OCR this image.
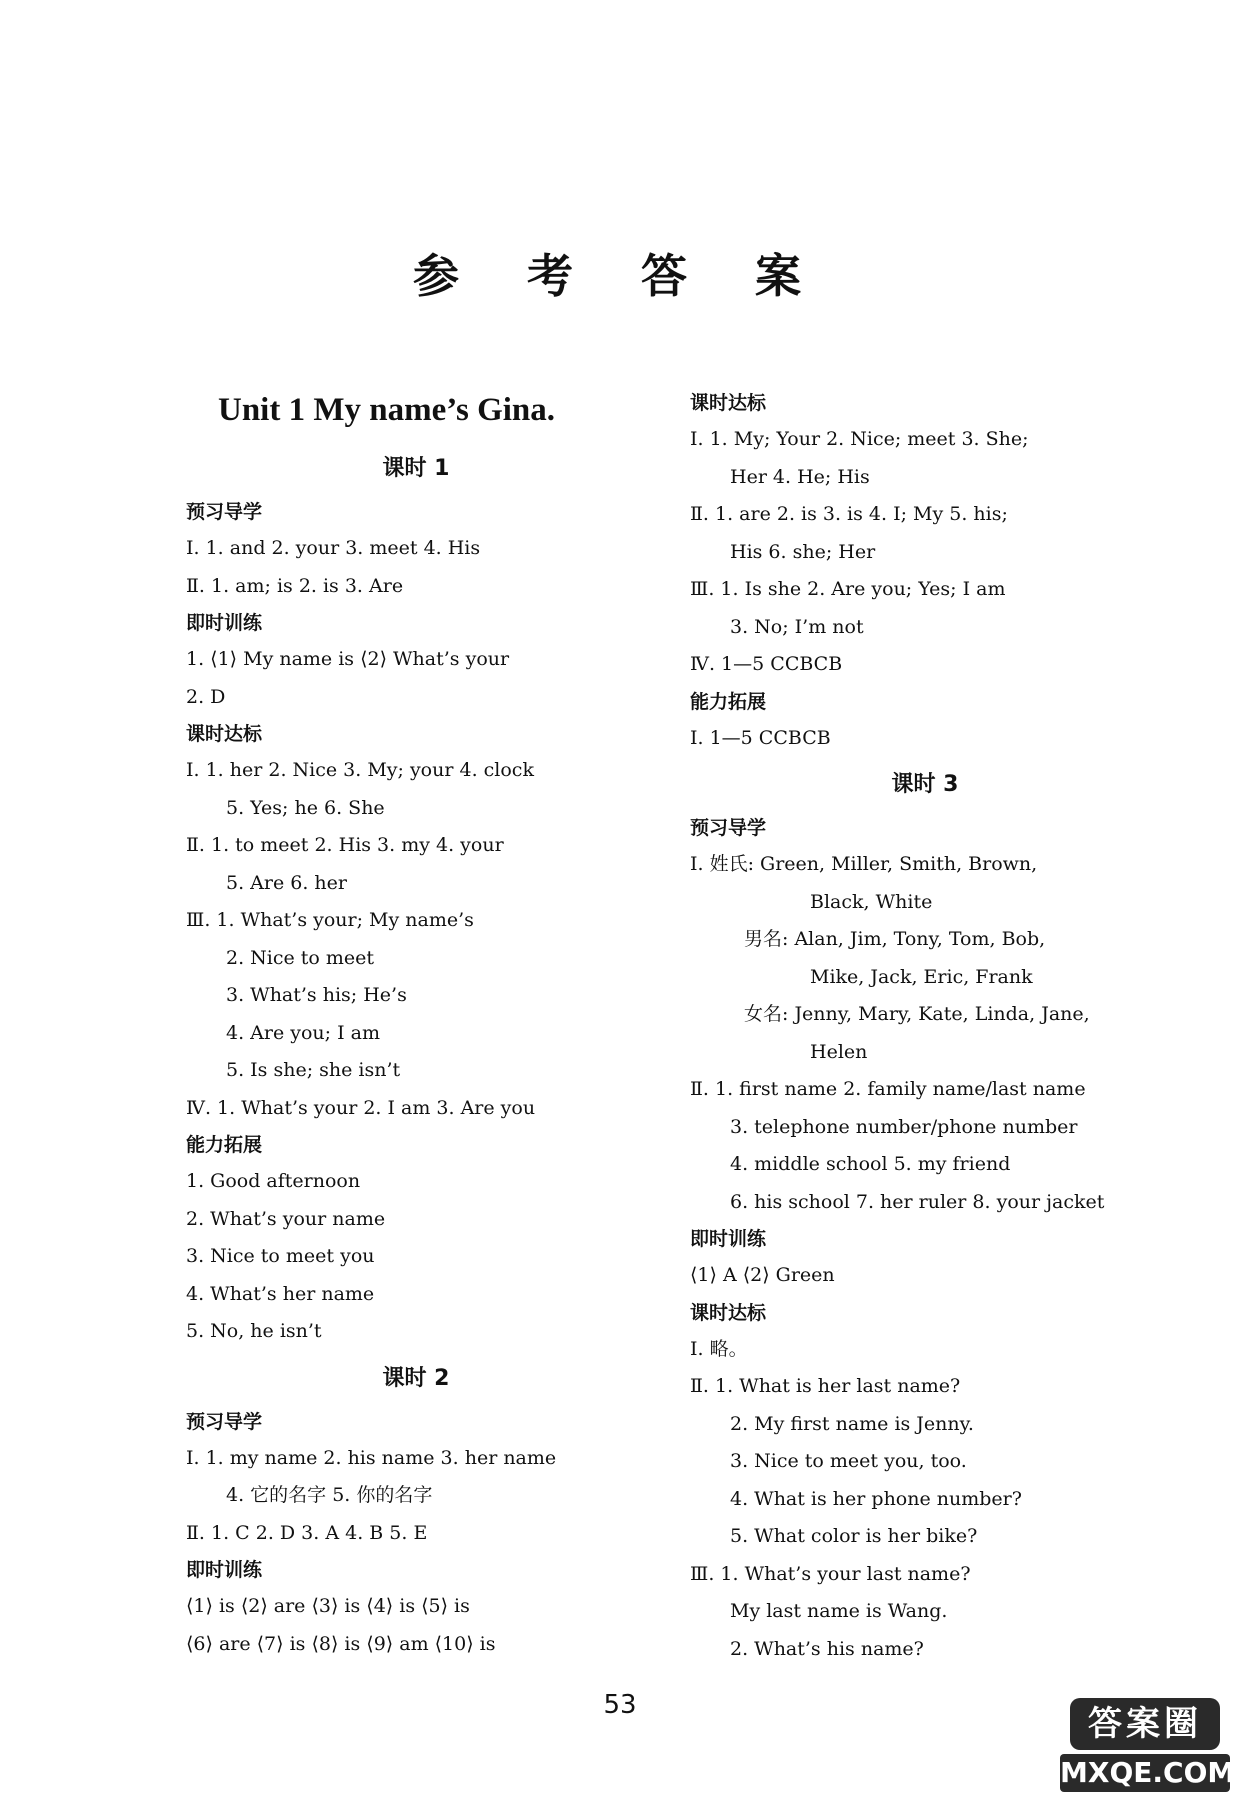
参 考 答 案
Unit 1 My name’s Gina.
课时 1
预习导学
Ⅰ. 1. and 2. your 3. meet 4. His
Ⅱ. 1. am; is 2. is 3. Are
即时训练
1. ⟨1⟩ My name is ⟨2⟩ What’s your
2. D
课时达标
Ⅰ. 1. her 2. Nice 3. My; your 4. clock
5. Yes; he 6. She
Ⅱ. 1. to meet 2. His 3. my 4. your
5. Are 6. her
Ⅲ. 1. What’s your; My name’s
2. Nice to meet
3. What’s his; He’s
4. Are you; I am
5. Is she; she isn’t
Ⅳ. 1. What’s your 2. I am 3. Are you
能力拓展
1. Good afternoon
2. What’s your name
3. Nice to meet you
4. What’s her name
5. No, he isn’t
课时 2
预习导学
Ⅰ. 1. my name 2. his name 3. her name
4. 它的名字 5. 你的名字
Ⅱ. 1. C 2. D 3. A 4. B 5. E
即时训练
⟨1⟩ is ⟨2⟩ are ⟨3⟩ is ⟨4⟩ is ⟨5⟩ is
⟨6⟩ are ⟨7⟩ is ⟨8⟩ is ⟨9⟩ am ⟨10⟩ is
课时达标
Ⅰ. 1. My; Your 2. Nice; meet 3. She;
Her 4. He; His
Ⅱ. 1. are 2. is 3. is 4. I; My 5. his;
His 6. she; Her
Ⅲ. 1. Is she 2. Are you; Yes; I am
3. No; I’m not
Ⅳ. 1—5 CCBCB
能力拓展
Ⅰ. 1—5 CCBCB
课时 3
预习导学
Ⅰ. 姓氏: Green, Miller, Smith, Brown,
Black, White
男名: Alan, Jim, Tony, Tom, Bob,
Mike, Jack, Eric, Frank
女名: Jenny, Mary, Kate, Linda, Jane,
Helen
Ⅱ. 1. first name 2. family name/last name
3. telephone number/phone number
4. middle school 5. my friend
6. his school 7. her ruler 8. your jacket
即时训练
⟨1⟩ A ⟨2⟩ Green
课时达标
Ⅰ. 略。
Ⅱ. 1. What is her last name?
2. My first name is Jenny.
3. Nice to meet you, too.
4. What is her phone number?
5. What color is her bike?
Ⅲ. 1. What’s your last name?
My last name is Wang.
2. What’s his name?
53	答案圈
MXQE.COM
